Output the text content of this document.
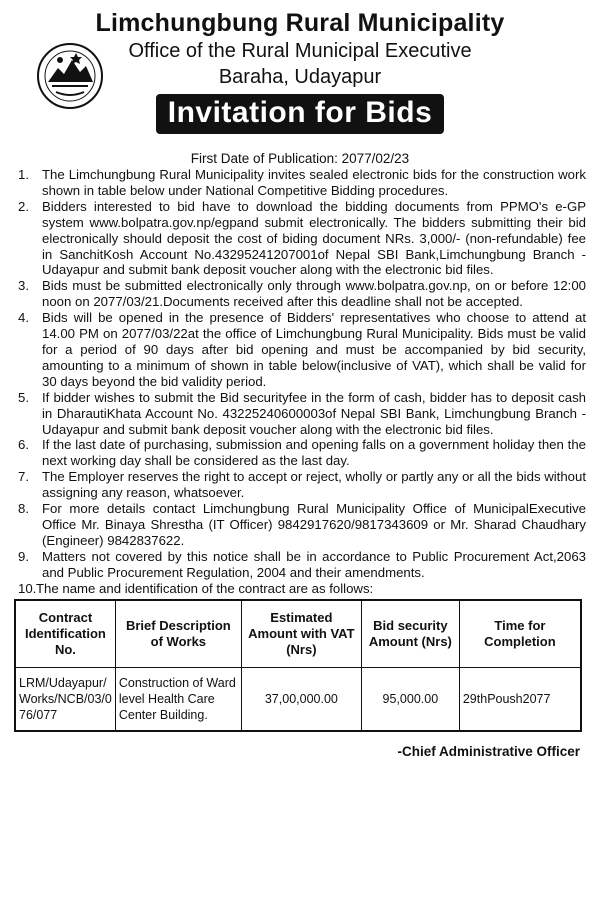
Limchungbung Rural Municipality
Office of the Rural Municipal Executive
Baraha, Udayapur
Invitation for Bids
First Date of Publication: 2077/02/23
1. The Limchungbung Rural Municipality invites sealed electronic bids for the construction work shown in table below under National Competitive Bidding procedures.
2. Bidders interested to bid have to download the bidding documents from PPMO's e-GP system www.bolpatra.gov.np/egpand submit electronically. The bidders submitting their bid electronically should deposit the cost of biding document NRs. 3,000/- (non-refundable) fee in SanchitKosh Account No.43295241207001of Nepal SBI Bank,Limchungbung Branch - Udayapur and submit bank deposit voucher along with the electronic bid files.
3. Bids must be submitted electronically only through www.bolpatra.gov.np, on or before 12:00 noon on 2077/03/21.Documents received after this deadline shall not be accepted.
4. Bids will be opened in the presence of Bidders' representatives who choose to attend at 14.00 PM on 2077/03/22at the office of Limchungbung Rural Municipality. Bids must be valid for a period of 90 days after bid opening and must be accompanied by bid security, amounting to a minimum of shown in table below(inclusive of VAT), which shall be valid for 30 days beyond the bid validity period.
5. If bidder wishes to submit the Bid securityfee in the form of cash, bidder has to deposit cash in DharautiKhata Account No. 43225240600003of Nepal SBI Bank, Limchungbung Branch - Udayapur and submit bank deposit voucher along with the electronic bid files.
6. If the last date of purchasing, submission and opening falls on a government holiday then the next working day shall be considered as the last day.
7. The Employer reserves the right to accept or reject, wholly or partly any or all the bids without assigning any reason, whatsoever.
8. For more details contact Limchungbung Rural Municipality Office of MunicipalExecutive Office Mr. Binaya Shrestha (IT Officer) 9842917620/9817343609 or Mr. Sharad Chaudhary (Engineer) 9842837622.
9. Matters not covered by this notice shall be in accordance to Public Procurement Act,2063 and Public Procurement Regulation, 2004 and their amendments.
10. The name and identification of the contract are as follows:
Contract Identification No.	Brief Description of Works	Estimated Amount with VAT (Nrs)	Bid security Amount (Nrs)	Time for Completion
LRM/Udayapur/ Works/NCB/03/0 76/077	Construction of Ward level Health Care Center Building.	37,00,000.00	95,000.00	29thPoush2077
-Chief Administrative Officer
